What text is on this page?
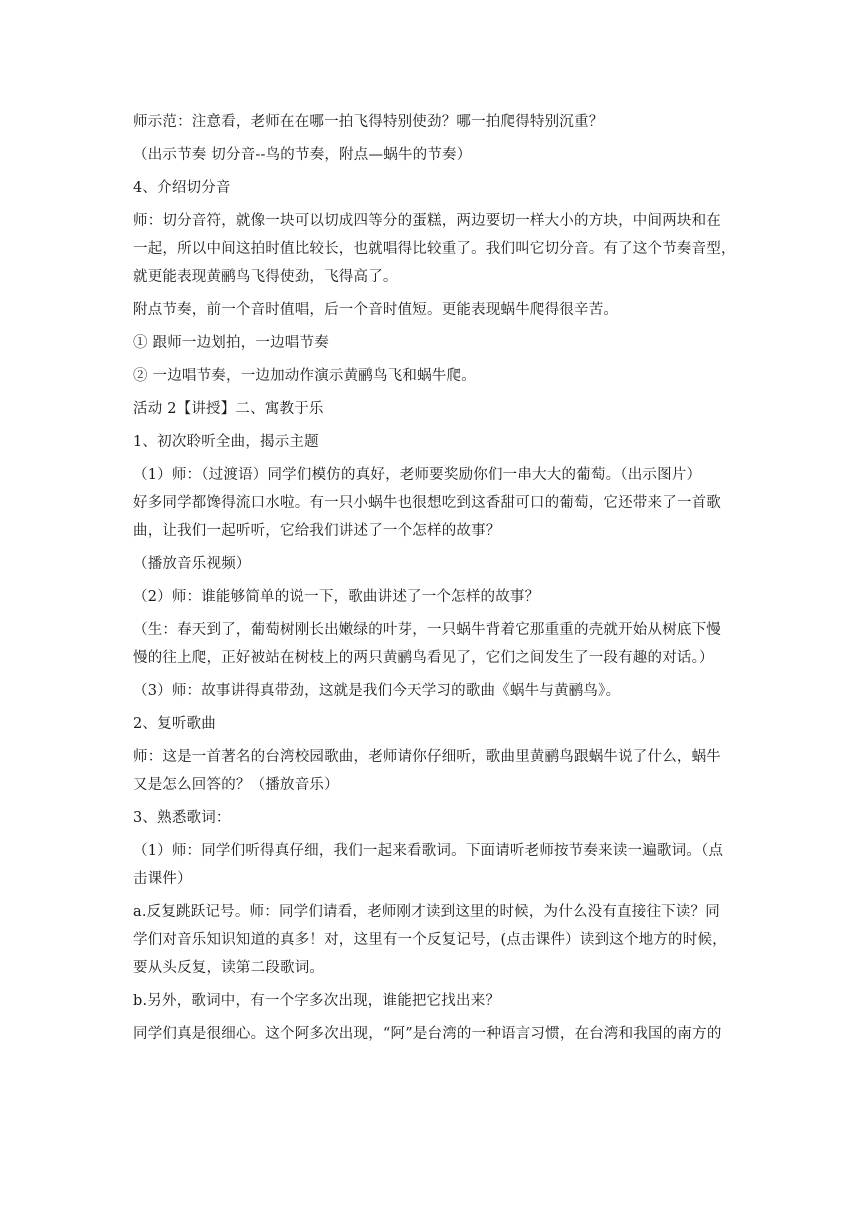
师示范：注意看，老师在在哪一拍飞得特别使劲？哪一拍爬得特别沉重？
（出示节奏 切分音--鸟的节奏，附点—蜗牛的节奏）
4、介绍切分音
师：切分音符，就像一块可以切成四等分的蛋糕，两边要切一样大小的方块，中间两块和在
一起，所以中间这拍时值比较长，也就唱得比较重了。我们叫它切分音。有了这个节奏音型，
就更能表现黄鹂鸟飞得使劲，飞得高了。
附点节奏，前一个音时值唱，后一个音时值短。更能表现蜗牛爬得很辛苦。
① 跟师一边划拍，一边唱节奏
② 一边唱节奏，一边加动作演示黄鹂鸟飞和蜗牛爬。
活动 2【讲授】二、寓教于乐
1、初次聆听全曲，揭示主题
（1）师：（过渡语）同学们模仿的真好，老师要奖励你们一串大大的葡萄。（出示图片）
好多同学都馋得流口水啦。有一只小蜗牛也很想吃到这香甜可口的葡萄，它还带来了一首歌
曲，让我们一起听听，它给我们讲述了一个怎样的故事？
（播放音乐视频）
（2）师：谁能够简单的说一下，歌曲讲述了一个怎样的故事？
（生：春天到了，葡萄树刚长出嫩绿的叶芽，一只蜗牛背着它那重重的壳就开始从树底下慢
慢的往上爬，正好被站在树枝上的两只黄鹂鸟看见了，它们之间发生了一段有趣的对话。）
（3）师：故事讲得真带劲，这就是我们今天学习的歌曲《蜗牛与黄鹂鸟》。
2、复听歌曲
师：这是一首著名的台湾校园歌曲，老师请你仔细听，歌曲里黄鹂鸟跟蜗牛说了什么，蜗牛
又是怎么回答的？（播放音乐）
3、熟悉歌词：
（1）师：同学们听得真仔细，我们一起来看歌词。下面请听老师按节奏来读一遍歌词。（点
击课件）
a.反复跳跃记号。师：同学们请看，老师刚才读到这里的时候，为什么没有直接往下读？同
学们对音乐知识知道的真多！对，这里有一个反复记号，(点击课件）读到这个地方的时候，
要从头反复，读第二段歌词。
b.另外，歌词中，有一个字多次出现，谁能把它找出来？
同学们真是很细心。这个阿多次出现，“阿”是台湾的一种语言习惯，在台湾和我国的南方的
